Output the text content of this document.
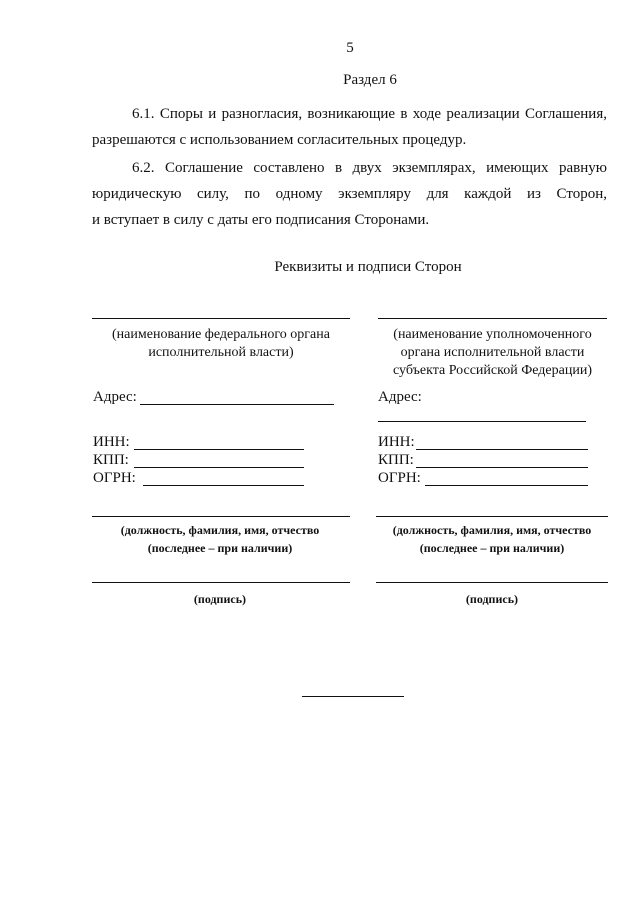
5
Раздел 6
6.1. Споры и разногласия, возникающие в ходе реализации Соглашения,
разрешаются с использованием согласительных процедур.
6.2. Соглашение составлено в двух экземплярах, имеющих равную
юридическую силу, по одному экземпляру для каждой из Сторон,
и вступает в силу с даты его подписания Сторонами.
Реквизиты и подписи Сторон
(наименование федерального органа
исполнительной власти)
Адрес:
ИНН:
КПП:
ОГРН:
(должность, фамилия, имя, отчество
(последнее – при наличии)
(подпись)
(наименование уполномоченного
органа исполнительной власти
субъекта Российской Федерации)
Адрес:
ИНН:
КПП:
ОГРН:
(должность, фамилия, имя, отчество
(последнее – при наличии)
(подпись)
